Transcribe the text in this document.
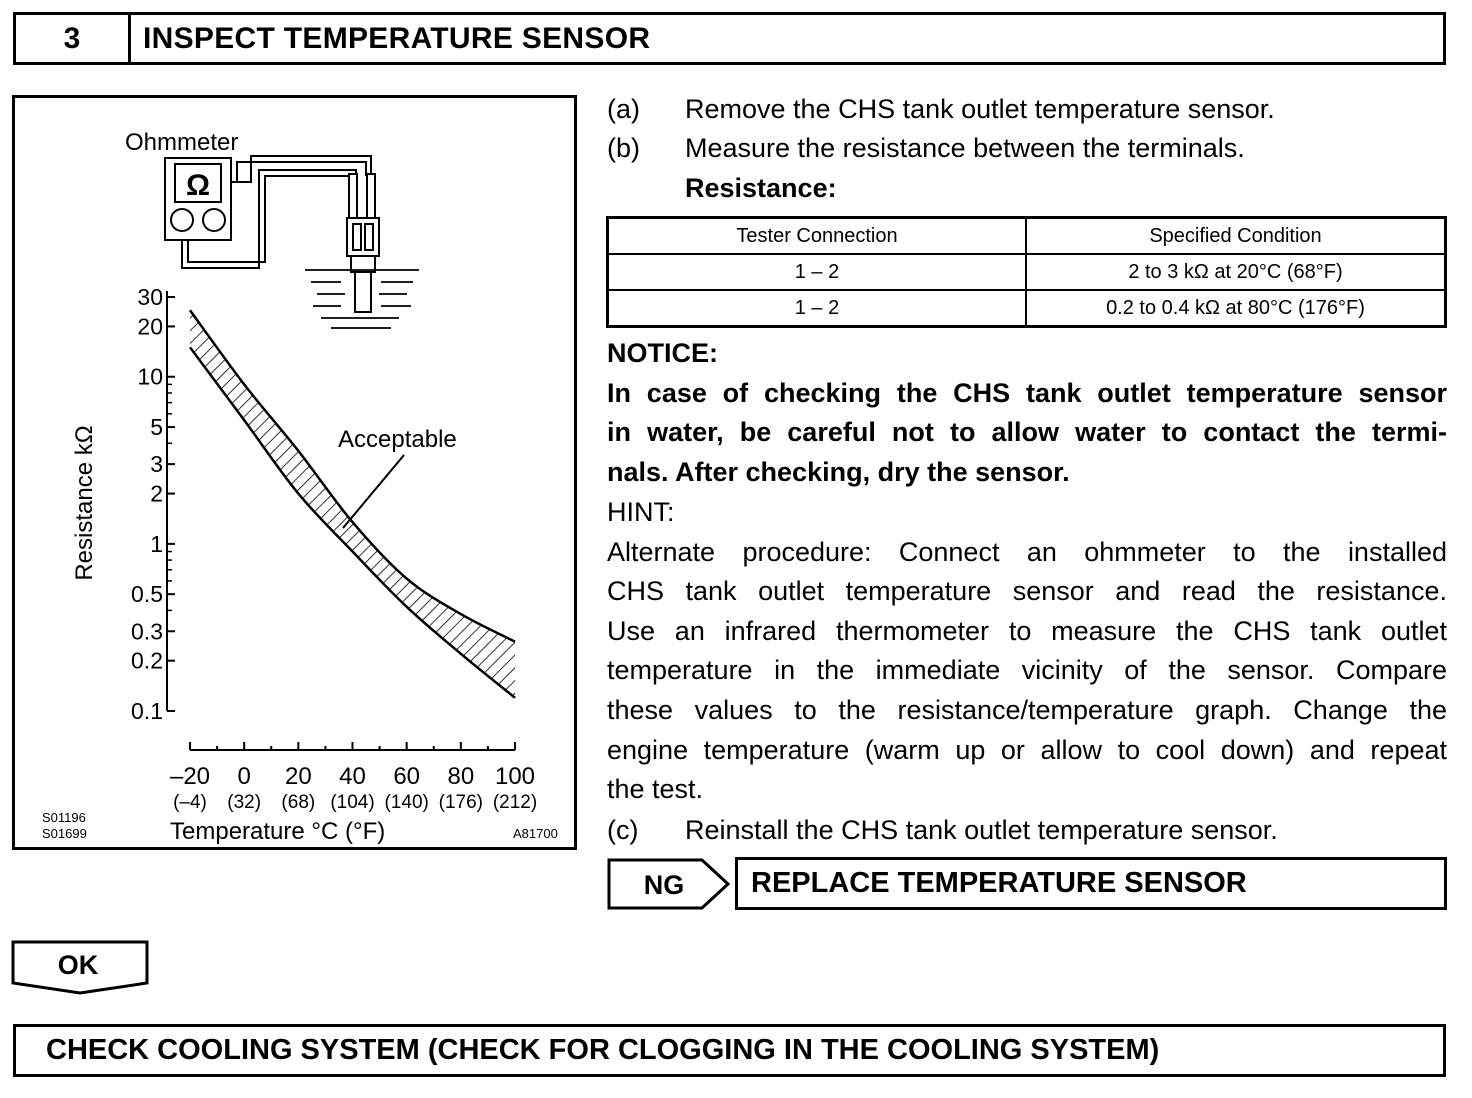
3	INSPECT TEMPERATURE SENSOR
Ohmmeter
Ω
30
20
10
5
3
2
1
0.5
0.3
0.2
0.1
–20
(–4)
0
(32)
20
(68)
40
(104)
60
(140)
80
(176)
100
(212)
Acceptable
Resistance kΩ
Temperature °C (°F)
S01196
S01699	A81700
(a) Remove the CHS tank outlet temperature sensor.
(b) Measure the resistance between the terminals.
Resistance:
Tester Connection	Specified Condition
1 – 2	2 to 3 kΩ at 20°C (68°F)
1 – 2	0.2 to 0.4 kΩ at 80°C (176°F)
NOTICE:
In case of checking the CHS tank outlet temperature sensor
in water, be careful not to allow water to contact the termi-
nals. After checking, dry the sensor.
HINT:
Alternate procedure: Connect an ohmmeter to the installed
CHS tank outlet temperature sensor and read the resistance.
Use an infrared thermometer to measure the CHS tank outlet
temperature in the immediate vicinity of the sensor. Compare
these values to the resistance/temperature graph. Change the
engine temperature (warm up or allow to cool down) and repeat
the test.
(c) Reinstall the CHS tank outlet temperature sensor.
NG	REPLACE TEMPERATURE SENSOR
OK
CHECK COOLING SYSTEM (CHECK FOR CLOGGING IN THE COOLING SYSTEM)
